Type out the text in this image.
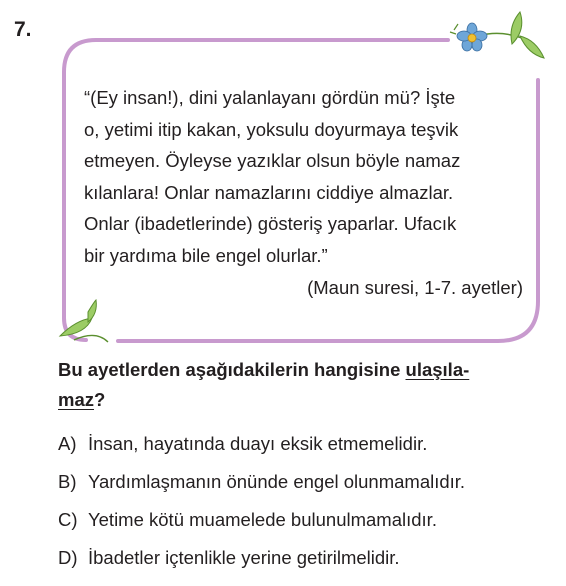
7.

“(Ey insan!), dini yalanlayanı gördün mü? İşte
o, yetimi itip kakan, yoksulu doyurmaya teşvik
etmeyen. Öyleyse yazıklar olsun böyle namaz
kılanlara! Onlar namazlarını ciddiye almazlar.
Onlar (ibadetlerinde) gösteriş yaparlar. Ufacık
bir yardıma bile engel olurlar.”

(Maun suresi, 1-7. ayetler)

Bu ayetlerden aşağıdakilerin hangisine ulaşıla-
maz?

A) İnsan, hayatında duayı eksik etmemelidir.
B) Yardımlaşmanın önünde engel olunmamalıdır.
C) Yetime kötü muamelede bulunulmamalıdır.
D) İbadetler içtenlikle yerine getirilmelidir.
